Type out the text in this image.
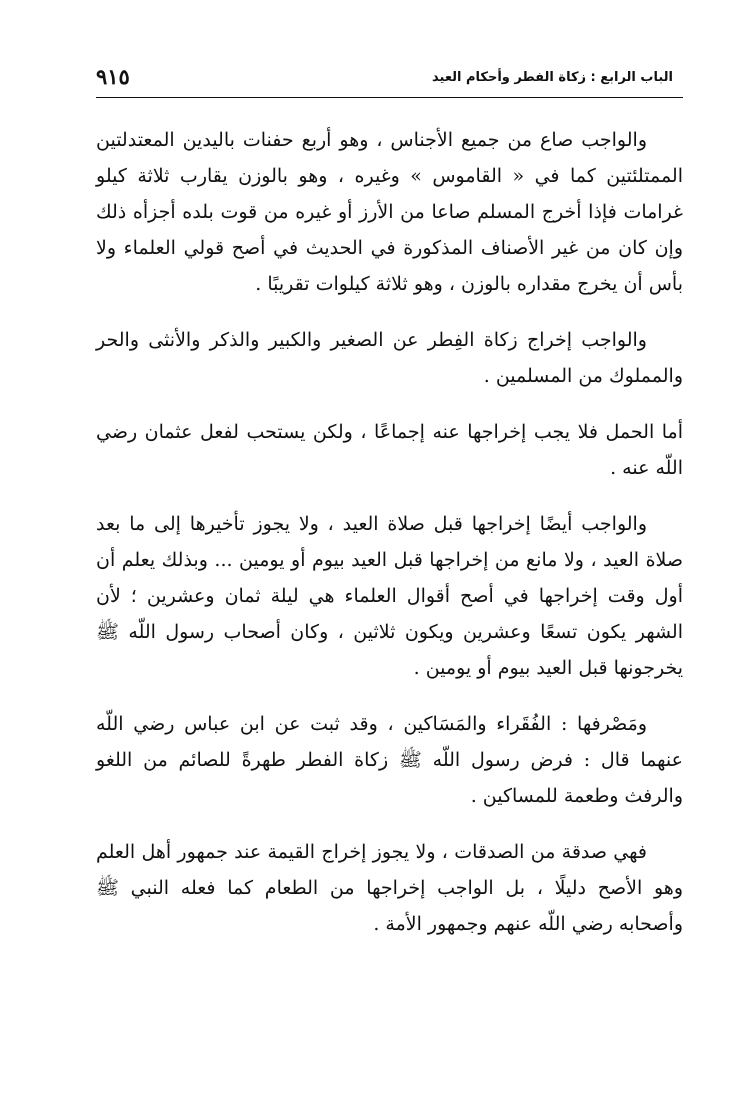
الباب الرابع : زكاة الفطر وأحكام العيد
٩١٥

والواجب صاع من جميع الأجناس ، وهو أربع حفنات باليدين المعتدلتين الممتلئتين كما في « القاموس » وغيره ، وهو بالوزن يقارب ثلاثة كيلو غرامات فإذا أخرج المسلم صاعا من الأرز أو غيره من قوت بلده أجزأه ذلك وإن كان من غير الأصناف المذكورة في الحديث في أصح قولي العلماء ولا بأس أن يخرج مقداره بالوزن ، وهو ثلاثة كيلوات تقريبًا .

والواجب إخراج زكاة الفِطر عن الصغير والكبير والذكر والأنثى والحر والمملوك من المسلمين .

أما الحمل فلا يجب إخراجها عنه إجماعًا ، ولكن يستحب لفعل عثمان رضي اللّه عنه .

والواجب أيضًا إخراجها قبل صلاة العيد ، ولا يجوز تأخيرها إلى ما بعد صلاة العيد ، ولا مانع من إخراجها قبل العيد بيوم أو يومين ... وبذلك يعلم أن أول وقت إخراجها في أصح أقوال العلماء هي ليلة ثمان وعشرين ؛ لأن الشهر يكون تسعًا وعشرين ويكون ثلاثين ، وكان أصحاب رسول اللّه ﷺ يخرجونها قبل العيد بيوم أو يومين .

ومَصْرفها : الفُقَراء والمَسَاكين ، وقد ثبت عن ابن عباس رضي اللّه عنهما قال : فرض رسول اللّه ﷺ زكاة الفطر طهرةً للصائم من اللغو والرفث وطعمة للمساكين .

فهي صدقة من الصدقات ، ولا يجوز إخراج القيمة عند جمهور أهل العلم وهو الأصح دليلًا ، بل الواجب إخراجها من الطعام كما فعله النبي ﷺ وأصحابه رضي اللّه عنهم وجمهور الأمة .
